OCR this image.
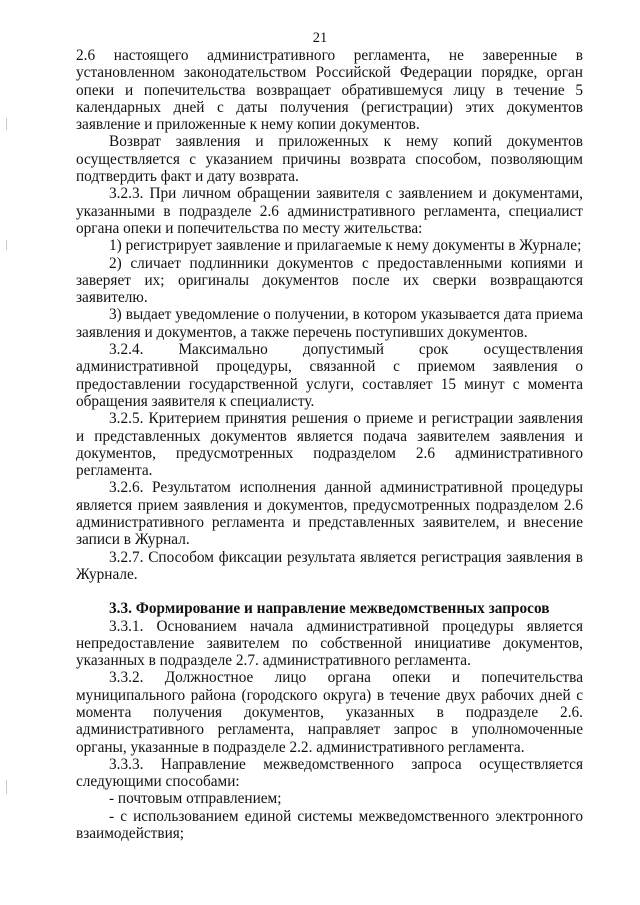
21

2.6 настоящего административного регламента, не заверенные в установленном законодательством Российской Федерации порядке, орган опеки и попечительства возвращает обратившемуся лицу в течение 5 календарных дней с даты получения (регистрации) этих документов заявление и приложенные к нему копии документов.

Возврат заявления и приложенных к нему копий документов осуществляется с указанием причины возврата способом, позволяющим подтвердить факт и дату возврата.

3.2.3. При личном обращении заявителя с заявлением и документами, указанными в подразделе 2.6 административного регламента, специалист органа опеки и попечительства по месту жительства:

1) регистрирует заявление и прилагаемые к нему документы в Журнале;

2) сличает подлинники документов с предоставленными копиями и заверяет их; оригиналы документов после их сверки возвращаются заявителю.

3) выдает уведомление о получении, в котором указывается дата приема заявления и документов, а также перечень поступивших документов.

3.2.4. Максимально допустимый срок осуществления административной процедуры, связанной с приемом заявления о предоставлении государственной услуги, составляет 15 минут с момента обращения заявителя к специалисту.

3.2.5. Критерием принятия решения о приеме и регистрации заявления и представленных документов является подача заявителем заявления и документов, предусмотренных подразделом 2.6 административного регламента.

3.2.6. Результатом исполнения данной административной процедуры является прием заявления и документов, предусмотренных подразделом 2.6 административного регламента и представленных заявителем, и внесение записи в Журнал.

3.2.7. Способом фиксации результата является регистрация заявления в Журнале.

3.3. Формирование и направление межведомственных запросов

3.3.1. Основанием начала административной процедуры является непредоставление заявителем по собственной инициативе документов, указанных в подразделе 2.7. административного регламента.

3.3.2. Должностное лицо органа опеки и попечительства муниципального района (городского округа) в течение двух рабочих дней с момента получения документов, указанных в подразделе 2.6. административного регламента, направляет запрос в уполномоченные органы, указанные в подразделе 2.2. административного регламента.

3.3.3. Направление межведомственного запроса осуществляется следующими способами:

- почтовым отправлением;

- с использованием единой системы межведомственного электронного взаимодействия;
